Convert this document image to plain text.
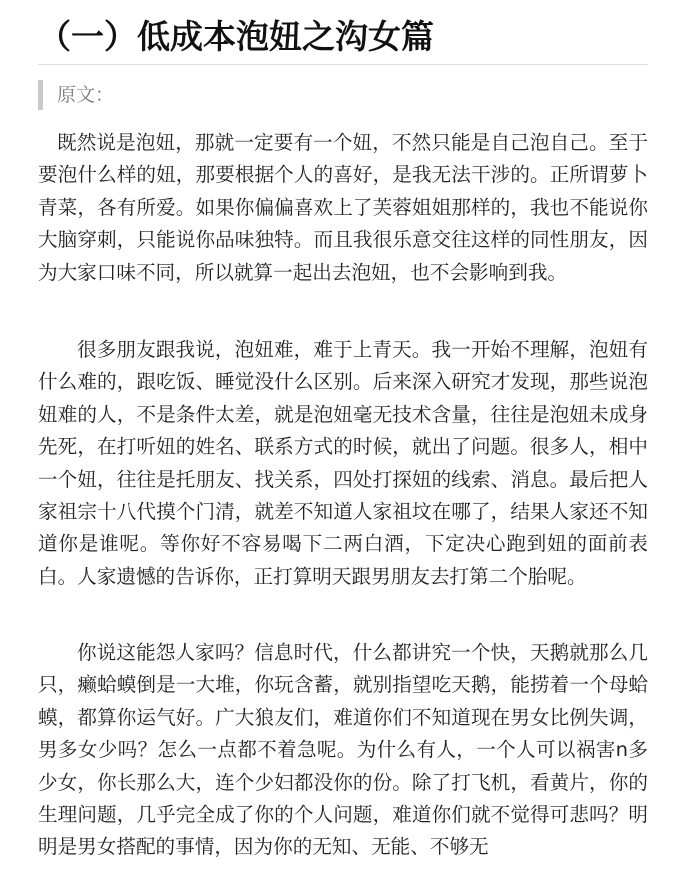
（一）低成本泡妞之沟女篇
原文：

既然说是泡妞，那就一定要有一个妞，不然只能是自己泡自己。至于要泡什么样的妞，那要根据个人的喜好，是我无法干涉的。正所谓萝卜青菜，各有所爱。如果你偏偏喜欢上了芙蓉姐姐那样的，我也不能说你大脑穿刺，只能说你品味独特。而且我很乐意交往这样的同性朋友，因为大家口味不同，所以就算一起出去泡妞，也不会影响到我。

很多朋友跟我说，泡妞难，难于上青天。我一开始不理解，泡妞有什么难的，跟吃饭、睡觉没什么区别。后来深入研究才发现，那些说泡妞难的人，不是条件太差，就是泡妞毫无技术含量，往往是泡妞未成身先死，在打听妞的姓名、联系方式的时候，就出了问题。很多人，相中一个妞，往往是托朋友、找关系，四处打探妞的线索、消息。最后把人家祖宗十八代摸个门清，就差不知道人家祖坟在哪了，结果人家还不知道你是谁呢。等你好不容易喝下二两白酒，下定决心跑到妞的面前表白。人家遗憾的告诉你，正打算明天跟男朋友去打第二个胎呢。

你说这能怨人家吗？信息时代，什么都讲究一个快，天鹅就那么几只，癞蛤蟆倒是一大堆，你玩含蓄，就别指望吃天鹅，能捞着一个母蛤蟆，都算你运气好。广大狼友们，难道你们不知道现在男女比例失调，男多女少吗？怎么一点都不着急呢。为什么有人，一个人可以祸害n多少女，你长那么大，连个少妇都没你的份。除了打飞机，看黄片，你的生理问题，几乎完全成了你的个人问题，难道你们就不觉得可悲吗？明明是男女搭配的事情，因为你的无知、无能、不够无
